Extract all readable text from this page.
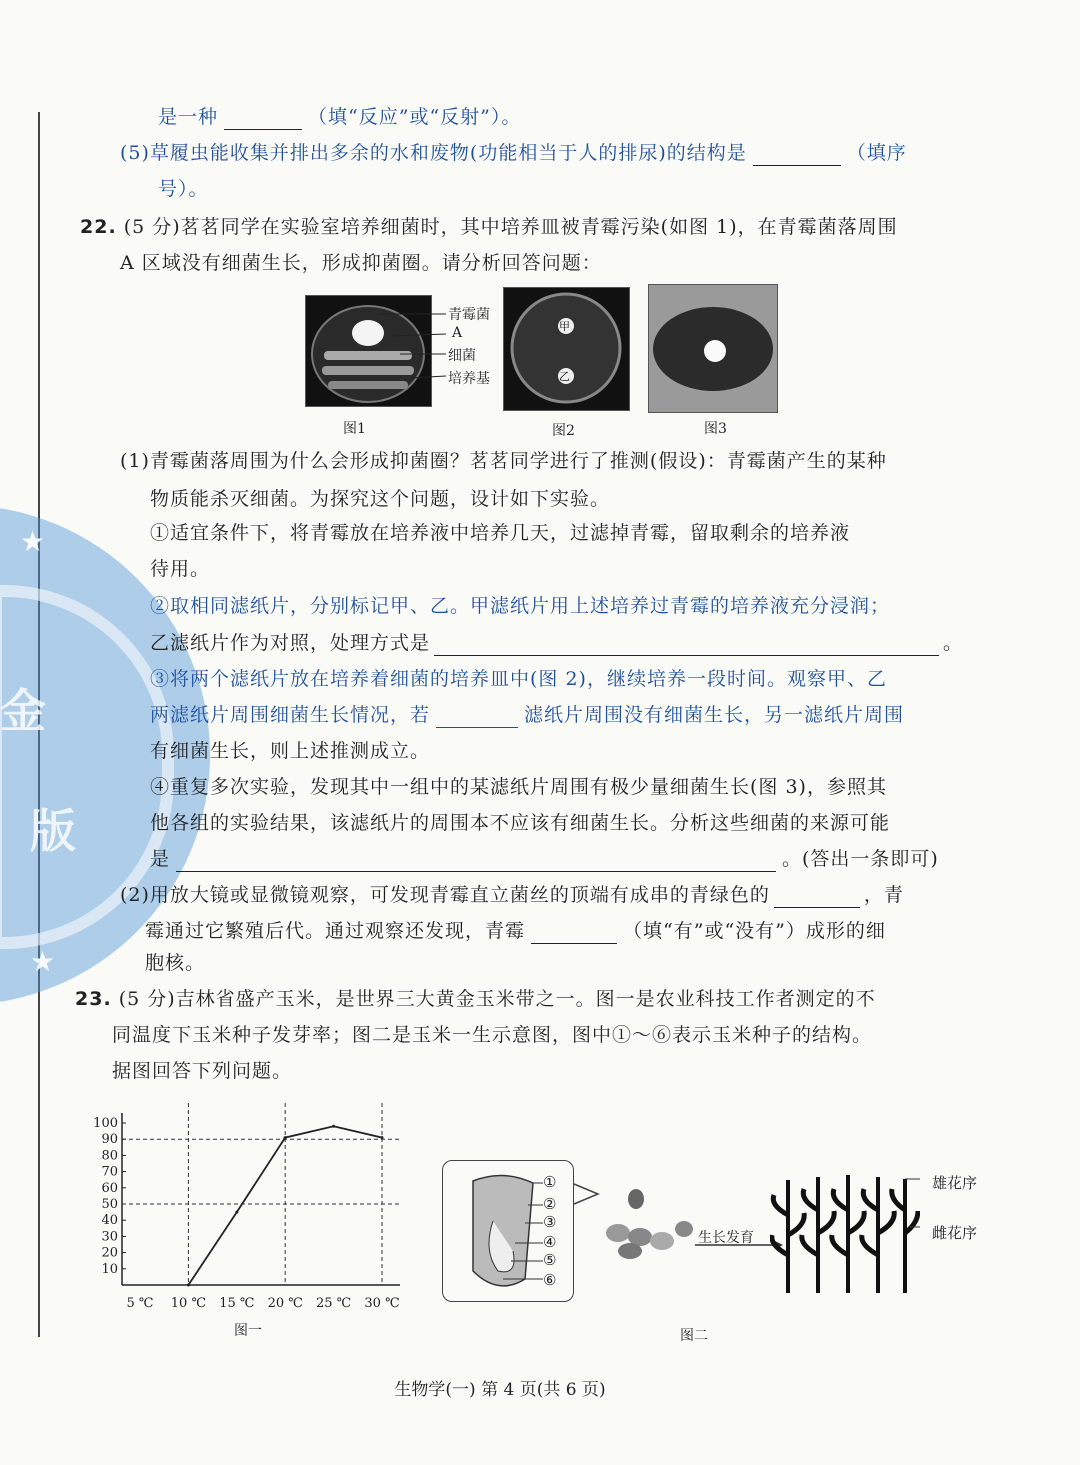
★
★
金
版
是一种	（填“反应”或“反射”）。
(5)草履虫能收集并排出多余的水和废物(功能相当于人的排尿)的结构是	（填序
号）。
22. (5 分)茗茗同学在实验室培养细菌时，其中培养皿被青霉污染(如图 1)，在青霉菌落周围
A 区域没有细菌生长，形成抑菌圈。请分析回答问题：
青霉菌
A
细菌
培养基
图1
甲
乙
图2	图3
(1)青霉菌落周围为什么会形成抑菌圈？茗茗同学进行了推测(假设)：青霉菌产生的某种
物质能杀灭细菌。为探究这个问题，设计如下实验。
①适宜条件下，将青霉放在培养液中培养几天，过滤掉青霉，留取剩余的培养液
待用。
②取相同滤纸片，分别标记甲、乙。甲滤纸片用上述培养过青霉的培养液充分浸润；
乙滤纸片作为对照，处理方式是	。
③将两个滤纸片放在培养着细菌的培养皿中(图 2)，继续培养一段时间。观察甲、乙
两滤纸片周围细菌生长情况，若	滤纸片周围没有细菌生长，另一滤纸片周围
有细菌生长，则上述推测成立。
④重复多次实验，发现其中一组中的某滤纸片周围有极少量细菌生长(图 3)，参照其
他各组的实验结果，该滤纸片的周围本不应该有细菌生长。分析这些细菌的来源可能
是	。(答出一条即可)
(2)用放大镜或显微镜观察，可发现青霉直立菌丝的顶端有成串的青绿色的	，青
霉通过它繁殖后代。通过观察还发现，青霉	（填“有”或“没有”）成形的细
胞核。
23. (5 分)吉林省盛产玉米，是世界三大黄金玉米带之一。图一是农业科技工作者测定的不
同温度下玉米种子发芽率；图二是玉米一生示意图，图中①～⑥表示玉米种子的结构。
据图回答下列问题。
10
20
30
40
50
60
70
80
90
100
5 ℃ 10 ℃ 15 ℃ 20 ℃ 25 ℃ 30 ℃
图一
①
②
③
④
⑤
⑥
生长发育
雄花序
雌花序
图二
生物学(一) 第 4 页(共 6 页)
